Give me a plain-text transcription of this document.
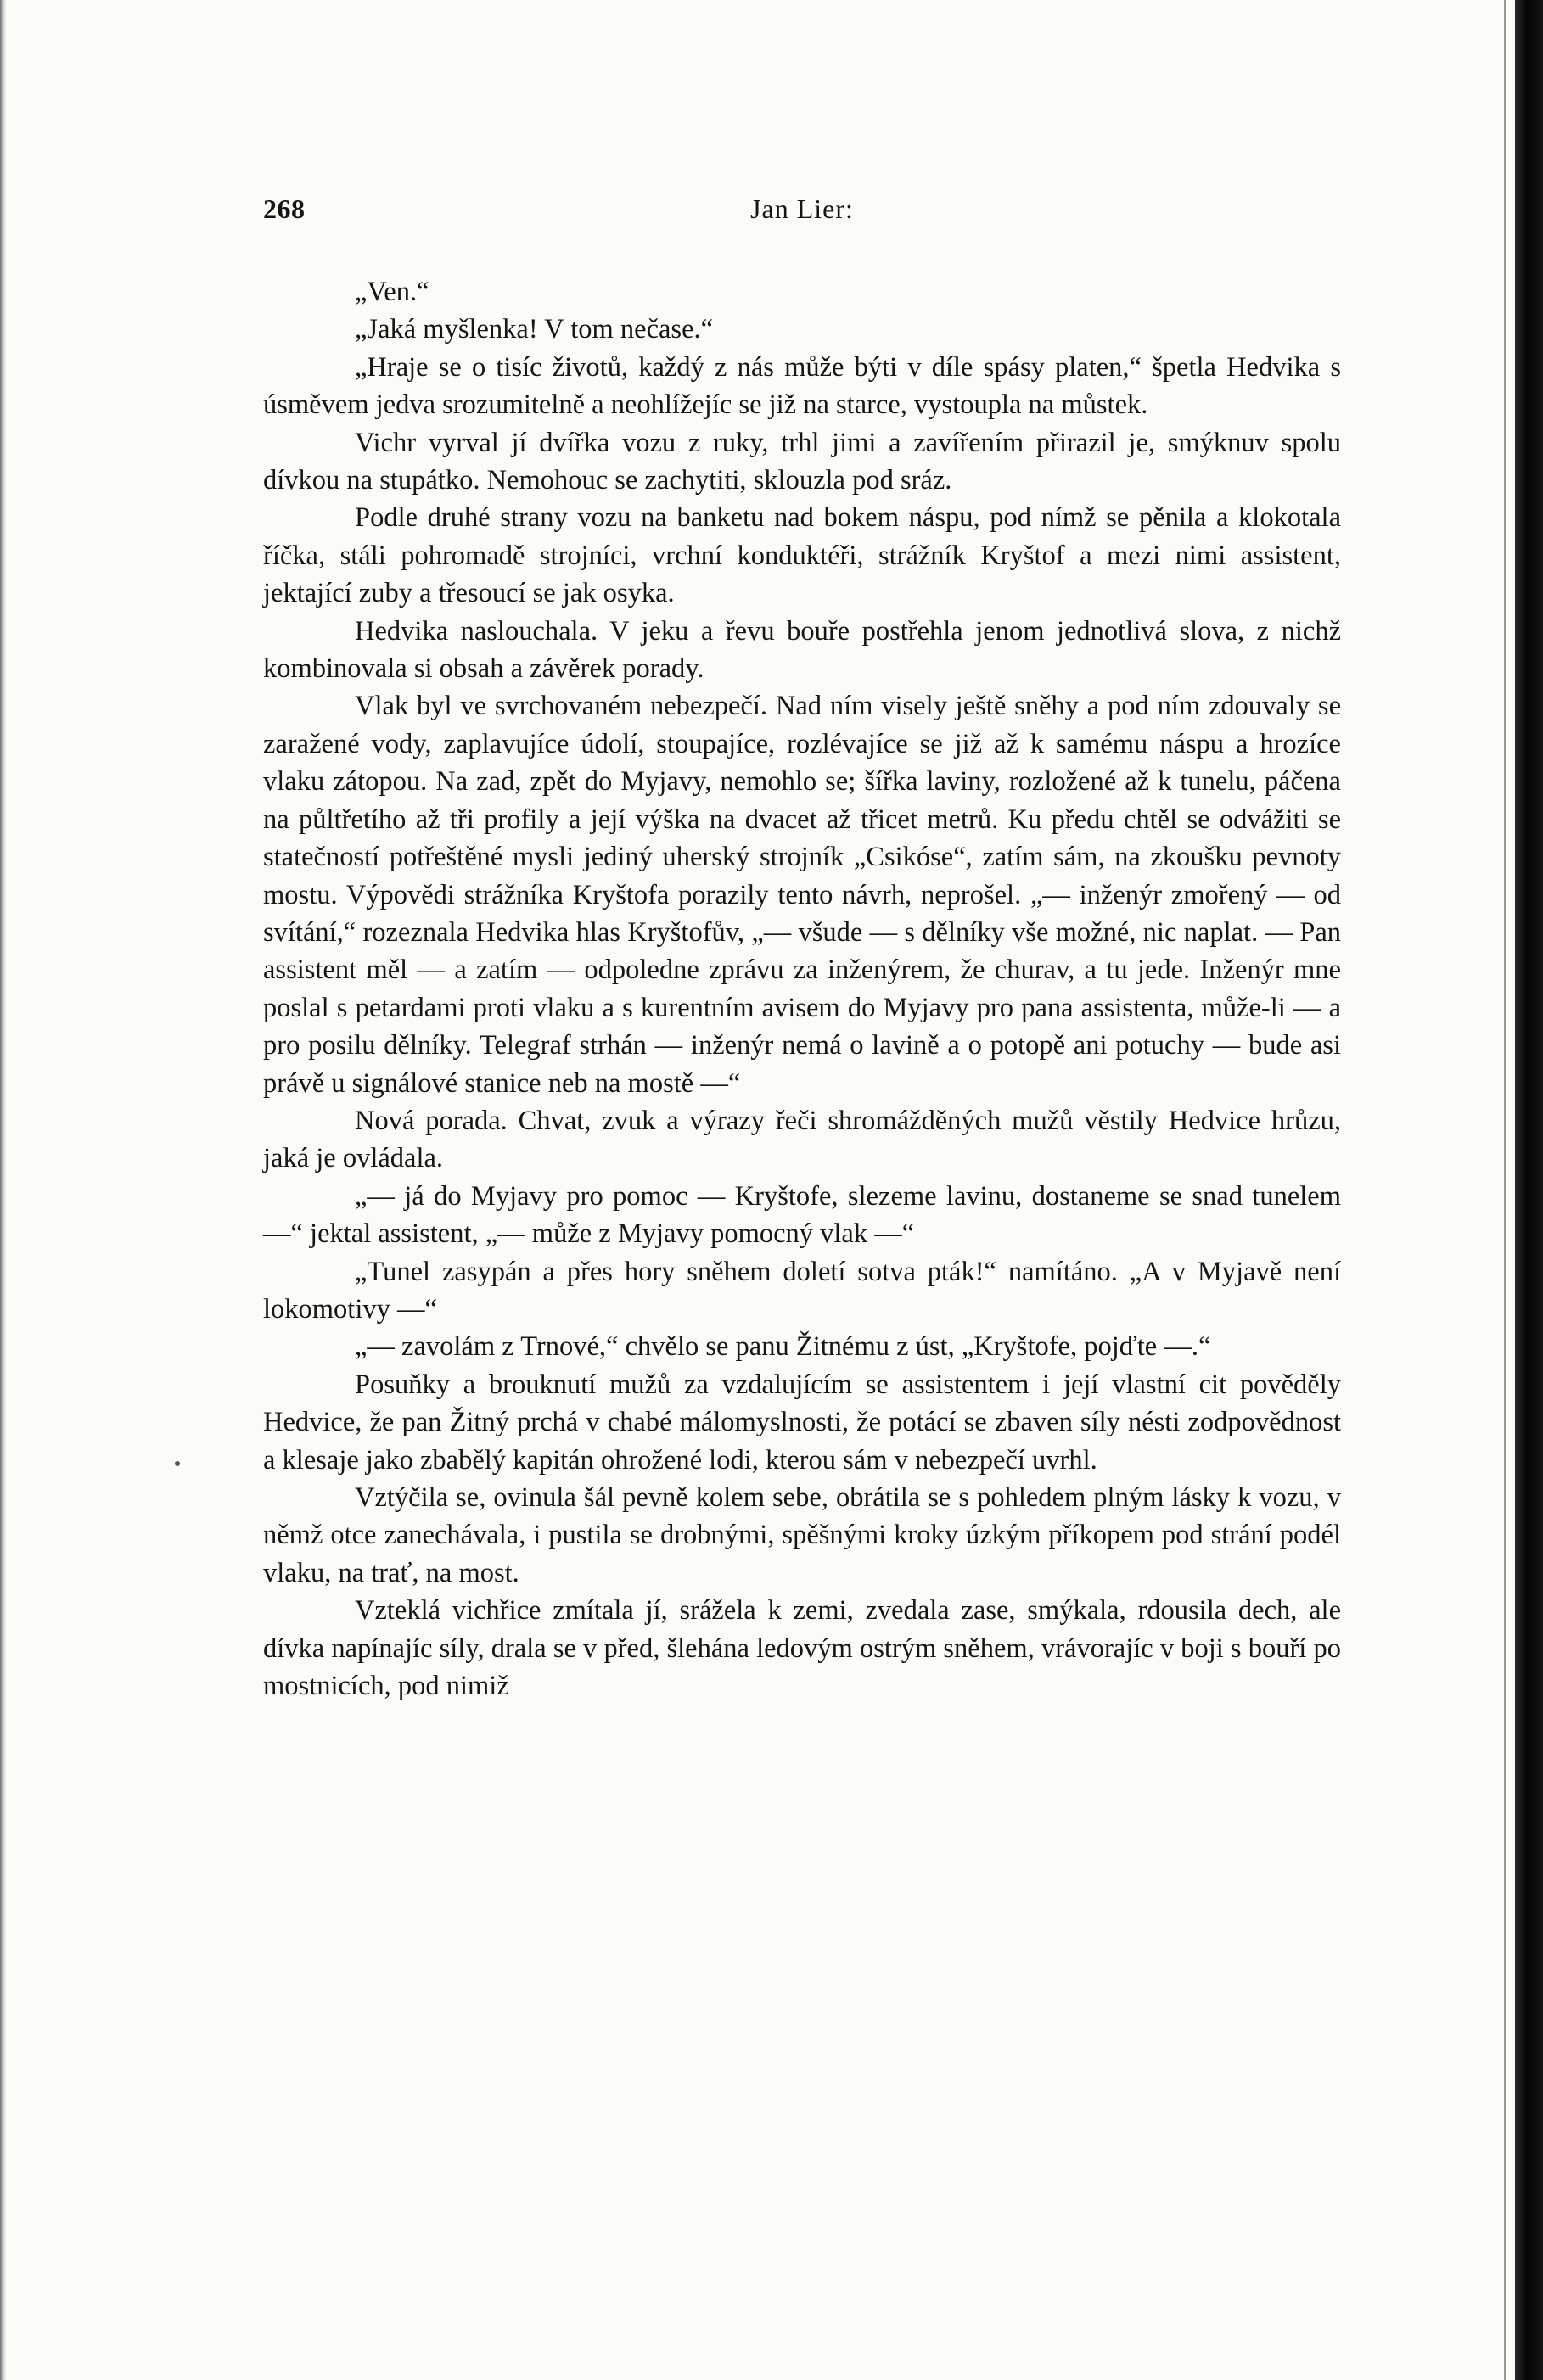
268	Jan Lier:

„Ven.“

„Jaká myšlenka! V tom nečase.“

„Hraje se o tisíc životů, každý z nás může býti v díle spásy platen,“ špetla Hedvika s úsměvem jedva srozumitelně a neohlížejíc se již na starce, vystoupla na můstek.

Vichr vyrval jí dvířka vozu z ruky, trhl jimi a zavířením přirazil je, smýknuv spolu dívkou na stupátko. Nemohouc se zachytiti, sklouzla pod sráz.

Podle druhé strany vozu na banketu nad bokem náspu, pod nímž se pěnila a klokotala říčka, stáli pohromadě strojníci, vrchní konduktéři, strážník Kryštof a mezi nimi assistent, jektající zuby a třesoucí se jak osyka.

Hedvika naslouchala. V jeku a řevu bouře postřehla jenom jednotlivá slova, z nichž kombinovala si obsah a závěrek porady.

Vlak byl ve svrchovaném nebezpečí. Nad ním visely ještě sněhy a pod ním zdouvaly se zaražené vody, zaplavujíce údolí, stoupajíce, rozlévajíce se již až k samému náspu a hrozíce vlaku zátopou. Na zad, zpět do Myjavy, nemohlo se; šířka laviny, rozložené až k tunelu, páčena na půltřetího až tři profily a její výška na dvacet až třicet metrů. Ku předu chtěl se odvážiti se statečností potřeštěné mysli jediný uherský strojník „Csikóse“, zatím sám, na zkoušku pevnoty mostu. Výpovědi strážníka Kryštofa porazily tento návrh, neprošel. „— inženýr zmořený — od svítání,“ rozeznala Hedvika hlas Kryštofův, „— všude — s dělníky vše možné, nic naplat. — Pan assistent měl — a zatím — odpoledne zprávu za inženýrem, že churav, a tu jede. Inženýr mne poslal s petardami proti vlaku a s kurentním avisem do Myjavy pro pana assistenta, může-li — a pro posilu dělníky. Telegraf strhán — inženýr nemá o lavině a o potopě ani potuchy — bude asi právě u signálové stanice neb na mostě —“

Nová porada. Chvat, zvuk a výrazy řeči shromážděných mužů věstily Hedvice hrůzu, jaká je ovládala.

„— já do Myjavy pro pomoc — Kryštofe, slezeme lavinu, dostaneme se snad tunelem —“ jektal assistent, „— může z Myjavy pomocný vlak —“

„Tunel zasypán a přes hory sněhem doletí sotva pták!“ namítáno. „A v Myjavě není lokomotivy —“

„— zavolám z Trnové,“ chvělo se panu Žitnému z úst, „Kryštofe, pojďte —.“

Posuňky a brouknutí mužů za vzdalujícím se assistentem i její vlastní cit pověděly Hedvice, že pan Žitný prchá v chabé málomyslnosti, že potácí se zbaven síly nésti zodpovědnost a klesaje jako zbabělý kapitán ohrožené lodi, kterou sám v nebezpečí uvrhl.

Vztýčila se, ovinula šál pevně kolem sebe, obrátila se s pohledem plným lásky k vozu, v němž otce zanechávala, i pustila se drobnými, spěšnými kroky úzkým příkopem pod strání podél vlaku, na trať, na most.

Vzteklá vichřice zmítala jí, srážela k zemi, zvedala zase, smýkala, rdousila dech, ale dívka napínajíc síly, drala se v před, šlehána ledovým ostrým sněhem, vrávorajíc v boji s bouří po mostnicích, pod nimiž
